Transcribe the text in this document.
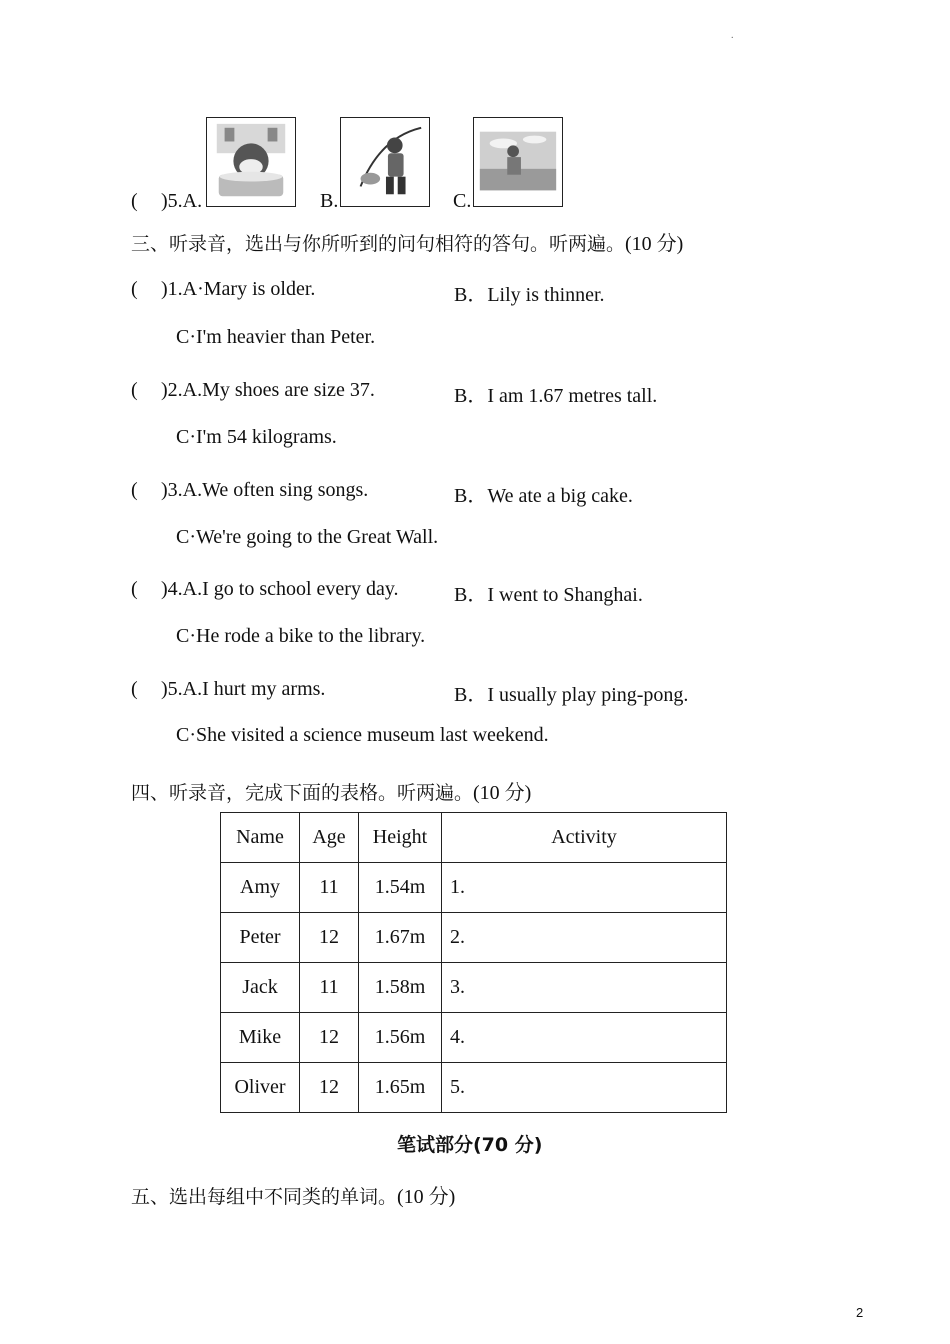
.
( )5.A.	B.	C.
三、听录音，选出与你所听到的问句相符的答句。听两遍。(10 分)
( )1.A·Mary is older.	B．Lily is thinner.
C·I'm heavier than Peter.
( )2.A.My shoes are size 37.	B．I am 1.67 metres tall.
C·I'm 54 kilograms.
( )3.A.We often sing songs.	B．We ate a big cake.
C·We're going to the Great Wall.
( )4.A.I go to school every day.	B．I went to Shanghai.
C·He rode a bike to the library.
( )5.A.I hurt my arms.	B．I usually play ping-pong.
C·She visited a science museum last weekend.
四、听录音，完成下面的表格。听两遍。(10 分)
Name	Age	Height	Activity
Amy	11	1.54m	1.
Peter	12	1.67m	2.
Jack	11	1.58m	3.
Mike	12	1.56m	4.
Oliver	12	1.65m	5.
笔试部分(70 分)
五、选出每组中不同类的单词。(10 分)
2
